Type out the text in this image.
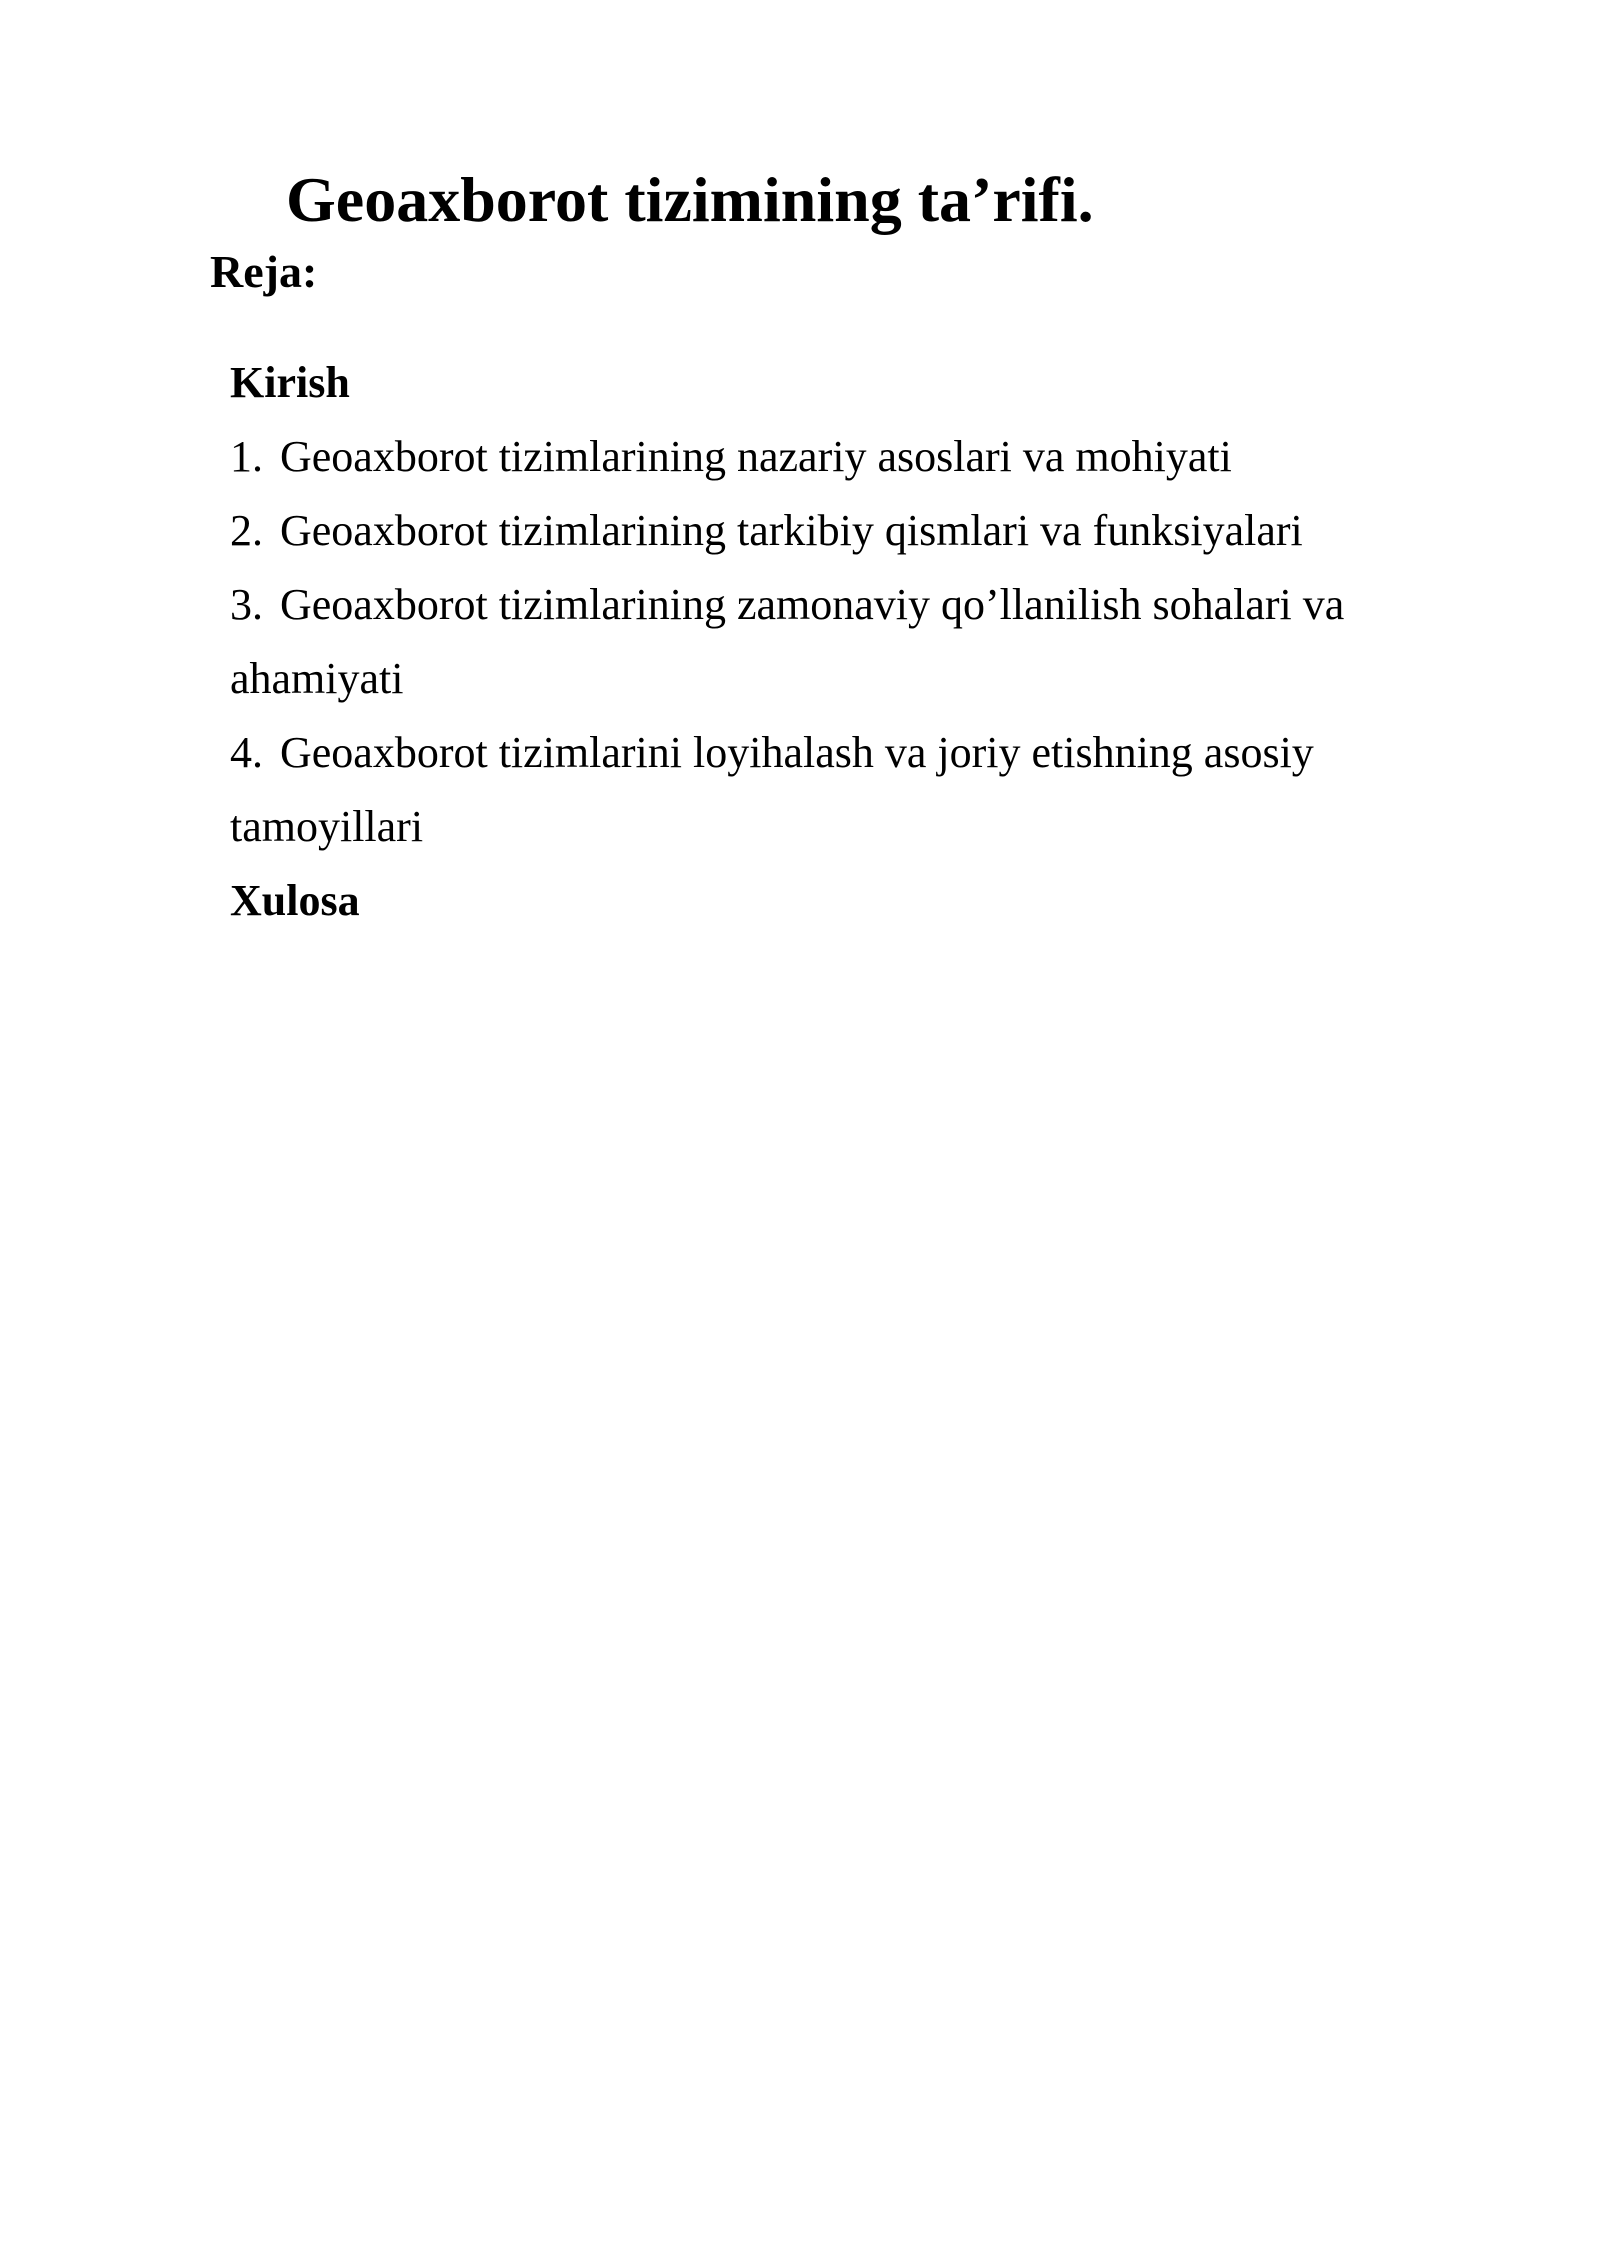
Geoaxborot tizimining ta’rifi.
Reja:
Kirish
1. Geoaxborot tizimlarining nazariy asoslari va mohiyati
2. Geoaxborot tizimlarining tarkibiy qismlari va funksiyalari
3. Geoaxborot tizimlarining zamonaviy qo’llanilish sohalari va ahamiyati
4. Geoaxborot tizimlarini loyihalash va joriy etishning asosiy tamoyillari
Xulosa
